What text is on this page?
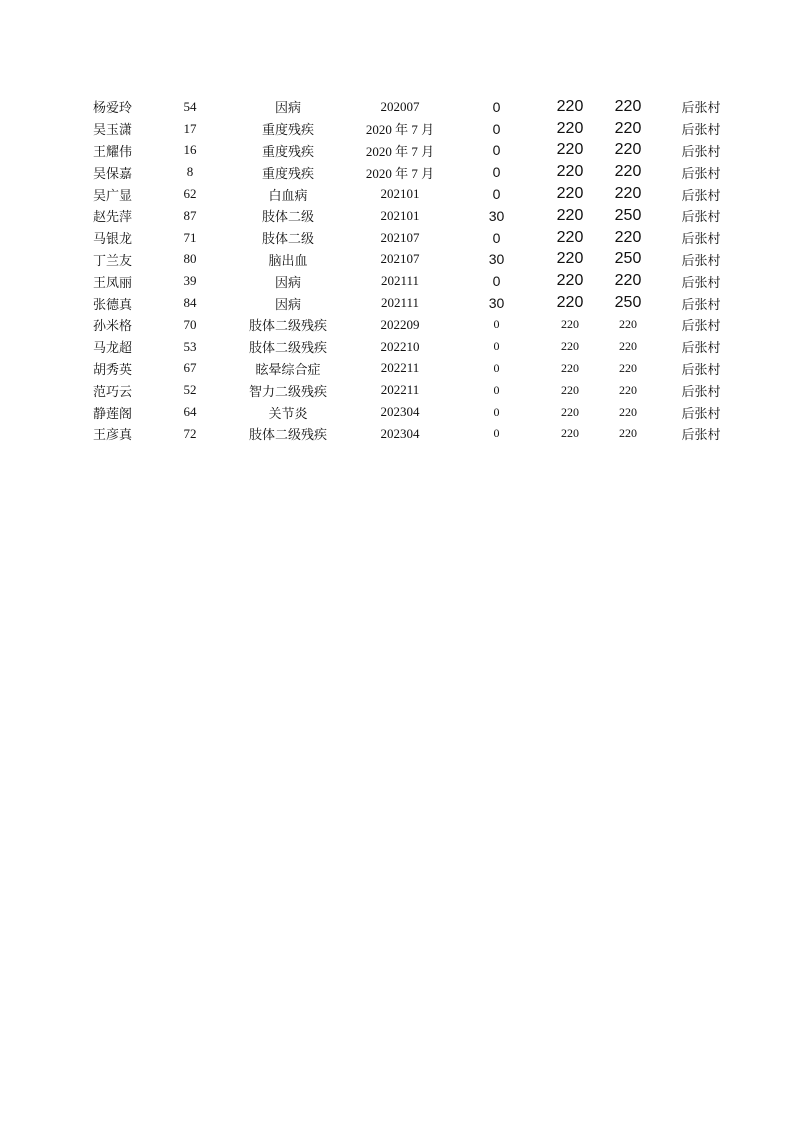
杨爱玲	54	因病	202007	0	220	220	后张村
吴玉潇	17	重度残疾	2020 年 7 月	0	220	220	后张村
王耀伟	16	重度残疾	2020 年 7 月	0	220	220	后张村
吴保嘉	8	重度残疾	2020 年 7 月	0	220	220	后张村
吴广显	62	白血病	202101	0	220	220	后张村
赵先萍	87	肢体二级	202101	30	220	250	后张村
马银龙	71	肢体二级	202107	0	220	220	后张村
丁兰友	80	脑出血	202107	30	220	250	后张村
王凤丽	39	因病	202111	0	220	220	后张村
张德真	84	因病	202111	30	220	250	后张村
孙米格	70	肢体二级残疾	202209	0	220	220	后张村
马龙超	53	肢体二级残疾	202210	0	220	220	后张村
胡秀英	67	眩晕综合症	202211	0	220	220	后张村
范巧云	52	智力二级残疾	202211	0	220	220	后张村
静莲阁	64	关节炎	202304	0	220	220	后张村
王彦真	72	肢体二级残疾	202304	0	220	220	后张村
